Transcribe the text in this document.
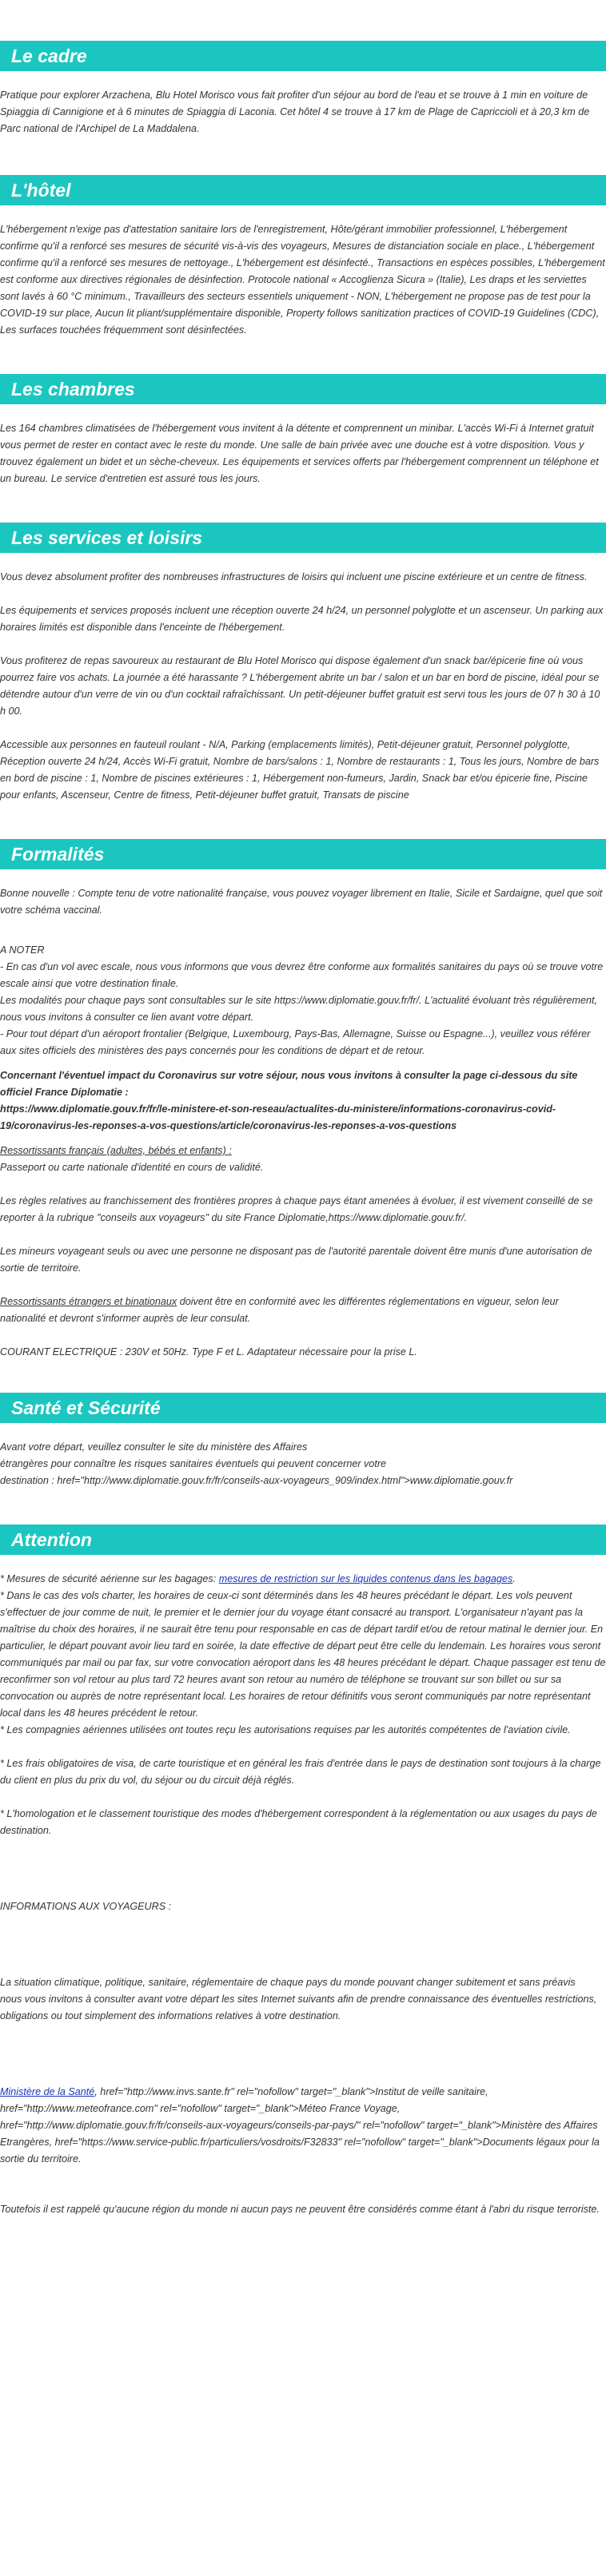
Le cadre

Pratique pour explorer Arzachena, Blu Hotel Morisco vous fait profiter d'un séjour au bord de l'eau et se trouve à 1 min en voiture de Spiaggia di Cannigione et à 6 minutes de Spiaggia di Laconia. Cet hôtel 4 se trouve à 17 km de Plage de Capriccioli et à 20,3 km de Parc national de l'Archipel de La Maddalena.

L'hôtel

L'hébergement n'exige pas d'attestation sanitaire lors de l'enregistrement, Hôte/gérant immobilier professionnel, L'hébergement confirme qu'il a renforcé ses mesures de sécurité vis-à-vis des voyageurs, Mesures de distanciation sociale en place., L'hébergement confirme qu'il a renforcé ses mesures de nettoyage., L'hébergement est désinfecté., Transactions en espèces possibles, L'hébergement est conforme aux directives régionales de désinfection. Protocole national « Accoglienza Sicura » (Italie), Les draps et les serviettes sont lavés à 60 °C minimum., Travailleurs des secteurs essentiels uniquement - NON, L'hébergement ne propose pas de test pour la COVID-19 sur place, Aucun lit pliant/supplémentaire disponible, Property follows sanitization practices of COVID-19 Guidelines (CDC), Les surfaces touchées fréquemment sont désinfectées.

Les chambres

Les 164 chambres climatisées de l'hébergement vous invitent à la détente et comprennent un minibar. L'accès Wi-Fi à Internet gratuit vous permet de rester en contact avec le reste du monde. Une salle de bain privée avec une douche est à votre disposition. Vous y trouvez également un bidet et un sèche-cheveux. Les équipements et services offerts par l'hébergement comprennent un téléphone et un bureau. Le service d'entretien est assuré tous les jours.

Les services et loisirs

Vous devez absolument profiter des nombreuses infrastructures de loisirs qui incluent une piscine extérieure et un centre de fitness.

Les équipements et services proposés incluent une réception ouverte 24 h/24, un personnel polyglotte et un ascenseur. Un parking aux horaires limités est disponible dans l'enceinte de l'hébergement.

Vous profiterez de repas savoureux au restaurant de Blu Hotel Morisco qui dispose également d'un snack bar/épicerie fine où vous pourrez faire vos achats. La journée a été harassante ? L'hébergement abrite un bar / salon et un bar en bord de piscine, idéal pour se détendre autour d'un verre de vin ou d'un cocktail rafraîchissant. Un petit-déjeuner buffet gratuit est servi tous les jours de 07 h 30 à 10 h 00.

Accessible aux personnes en fauteuil roulant - N/A, Parking (emplacements limités), Petit-déjeuner gratuit, Personnel polyglotte, Réception ouverte 24 h/24, Accès Wi-Fi gratuit, Nombre de bars/salons : 1, Nombre de restaurants : 1, Tous les jours, Nombre de bars en bord de piscine : 1, Nombre de piscines extérieures : 1, Hébergement non-fumeurs, Jardin, Snack bar et/ou épicerie fine, Piscine pour enfants, Ascenseur, Centre de fitness, Petit-déjeuner buffet gratuit, Transats de piscine

Formalités

Bonne nouvelle : Compte tenu de votre nationalité française, vous pouvez voyager librement en Italie, Sicile et Sardaigne, quel que soit votre schéma vaccinal.

A NOTER

- En cas d'un vol avec escale, nous vous informons que vous devrez être conforme aux formalités sanitaires du pays où se trouve votre escale ainsi que votre destination finale.

Les modalités pour chaque pays sont consultables sur le site https://www.diplomatie.gouv.fr/fr/. L'actualité évoluant très régulièrement, nous vous invitons à consulter ce lien avant votre départ.

- Pour tout départ d'un aéroport frontalier (Belgique, Luxembourg, Pays-Bas, Allemagne, Suisse ou Espagne...), veuillez vous référer aux sites officiels des ministères des pays concernés pour les conditions de départ et de retour.

Concernant l'éventuel impact du Coronavirus sur votre séjour, nous vous invitons à consulter la page ci-dessous du site officiel France Diplomatie :

https://www.diplomatie.gouv.fr/fr/le-ministere-et-son-reseau/actualites-du-ministere/informations-coronavirus-covid-19/coronavirus-les-reponses-a-vos-questions/article/coronavirus-les-reponses-a-vos-questions

Ressortissants français (adultes, bébés et enfants) :

Passeport ou carte nationale d'identité en cours de validité.

Les règles relatives au franchissement des frontières propres à chaque pays étant amenées à évoluer, il est vivement conseillé de se reporter à la rubrique "conseils aux voyageurs" du site France Diplomatie,https://www.diplomatie.gouv.fr/.

Les mineurs voyageant seuls ou avec une personne ne disposant pas de l'autorité parentale doivent être munis d'une autorisation de sortie de territoire.

Ressortissants étrangers et binationaux doivent être en conformité avec les différentes réglementations en vigueur, selon leur nationalité et devront s'informer auprès de leur consulat.

COURANT ELECTRIQUE : 230V et 50Hz. Type F et L. Adaptateur nécessaire pour la prise L.

Santé et Sécurité

Avant votre départ, veuillez consulter le site du ministère des Affaires
étrangères pour connaître les risques sanitaires éventuels qui peuvent concerner votre
destination : href="http://www.diplomatie.gouv.fr/fr/conseils-aux-voyageurs_909/index.html">www.diplomatie.gouv.fr

Attention

* Mesures de sécurité aérienne sur les bagages: mesures de restriction sur les liquides contenus dans les bagages.

* Dans le cas des vols charter, les horaires de ceux-ci sont déterminés dans les 48 heures précédant le départ. Les vols peuvent s'effectuer de jour comme de nuit, le premier et le dernier jour du voyage étant consacré au transport. L'organisateur n'ayant pas la maîtrise du choix des horaires, il ne saurait être tenu pour responsable en cas de départ tardif et/ou de retour matinal le dernier jour. En particulier, le départ pouvant avoir lieu tard en soirée, la date effective de départ peut être celle du lendemain. Les horaires vous seront communiqués par mail ou par fax, sur votre convocation aéroport dans les 48 heures précédant le départ. Chaque passager est tenu de reconfirmer son vol retour au plus tard 72 heures avant son retour au numéro de téléphone se trouvant sur son billet ou sur sa convocation ou auprès de notre représentant local. Les horaires de retour définitifs vous seront communiqués par notre représentant local dans les 48 heures précédent le retour.

* Les compagnies aériennes utilisées ont toutes reçu les autorisations requises par les autorités compétentes de l'aviation civile.

* Les frais obligatoires de visa, de carte touristique et en général les frais d'entrée dans le pays de destination sont toujours à la charge du client en plus du prix du vol, du séjour ou du circuit déjà réglés.

* L'homologation et le classement touristique des modes d'hébergement correspondent à la réglementation ou aux usages du pays de destination.

INFORMATIONS AUX VOYAGEURS :

La situation climatique, politique, sanitaire, réglementaire de chaque pays du monde pouvant changer subitement et sans préavis
nous vous invitons à consulter avant votre départ les sites Internet suivants afin de prendre connaissance des éventuelles restrictions, obligations ou tout simplement des informations relatives à votre destination.

Ministère de la Santé, href="http://www.invs.sante.fr" rel="nofollow" target="_blank">Institut de veille sanitaire, href="http://www.meteofrance.com" rel="nofollow" target="_blank">Méteo France Voyage, href="http://www.diplomatie.gouv.fr/fr/conseils-aux-voyageurs/conseils-par-pays/" rel="nofollow" target="_blank">Ministère des Affaires Etrangères, href="https://www.service-public.fr/particuliers/vosdroits/F32833" rel="nofollow" target="_blank">Documents légaux pour la sortie du territoire.

Toutefois il est rappelé qu'aucune région du monde ni aucun pays ne peuvent être considérés comme étant à l'abri du risque terroriste.
